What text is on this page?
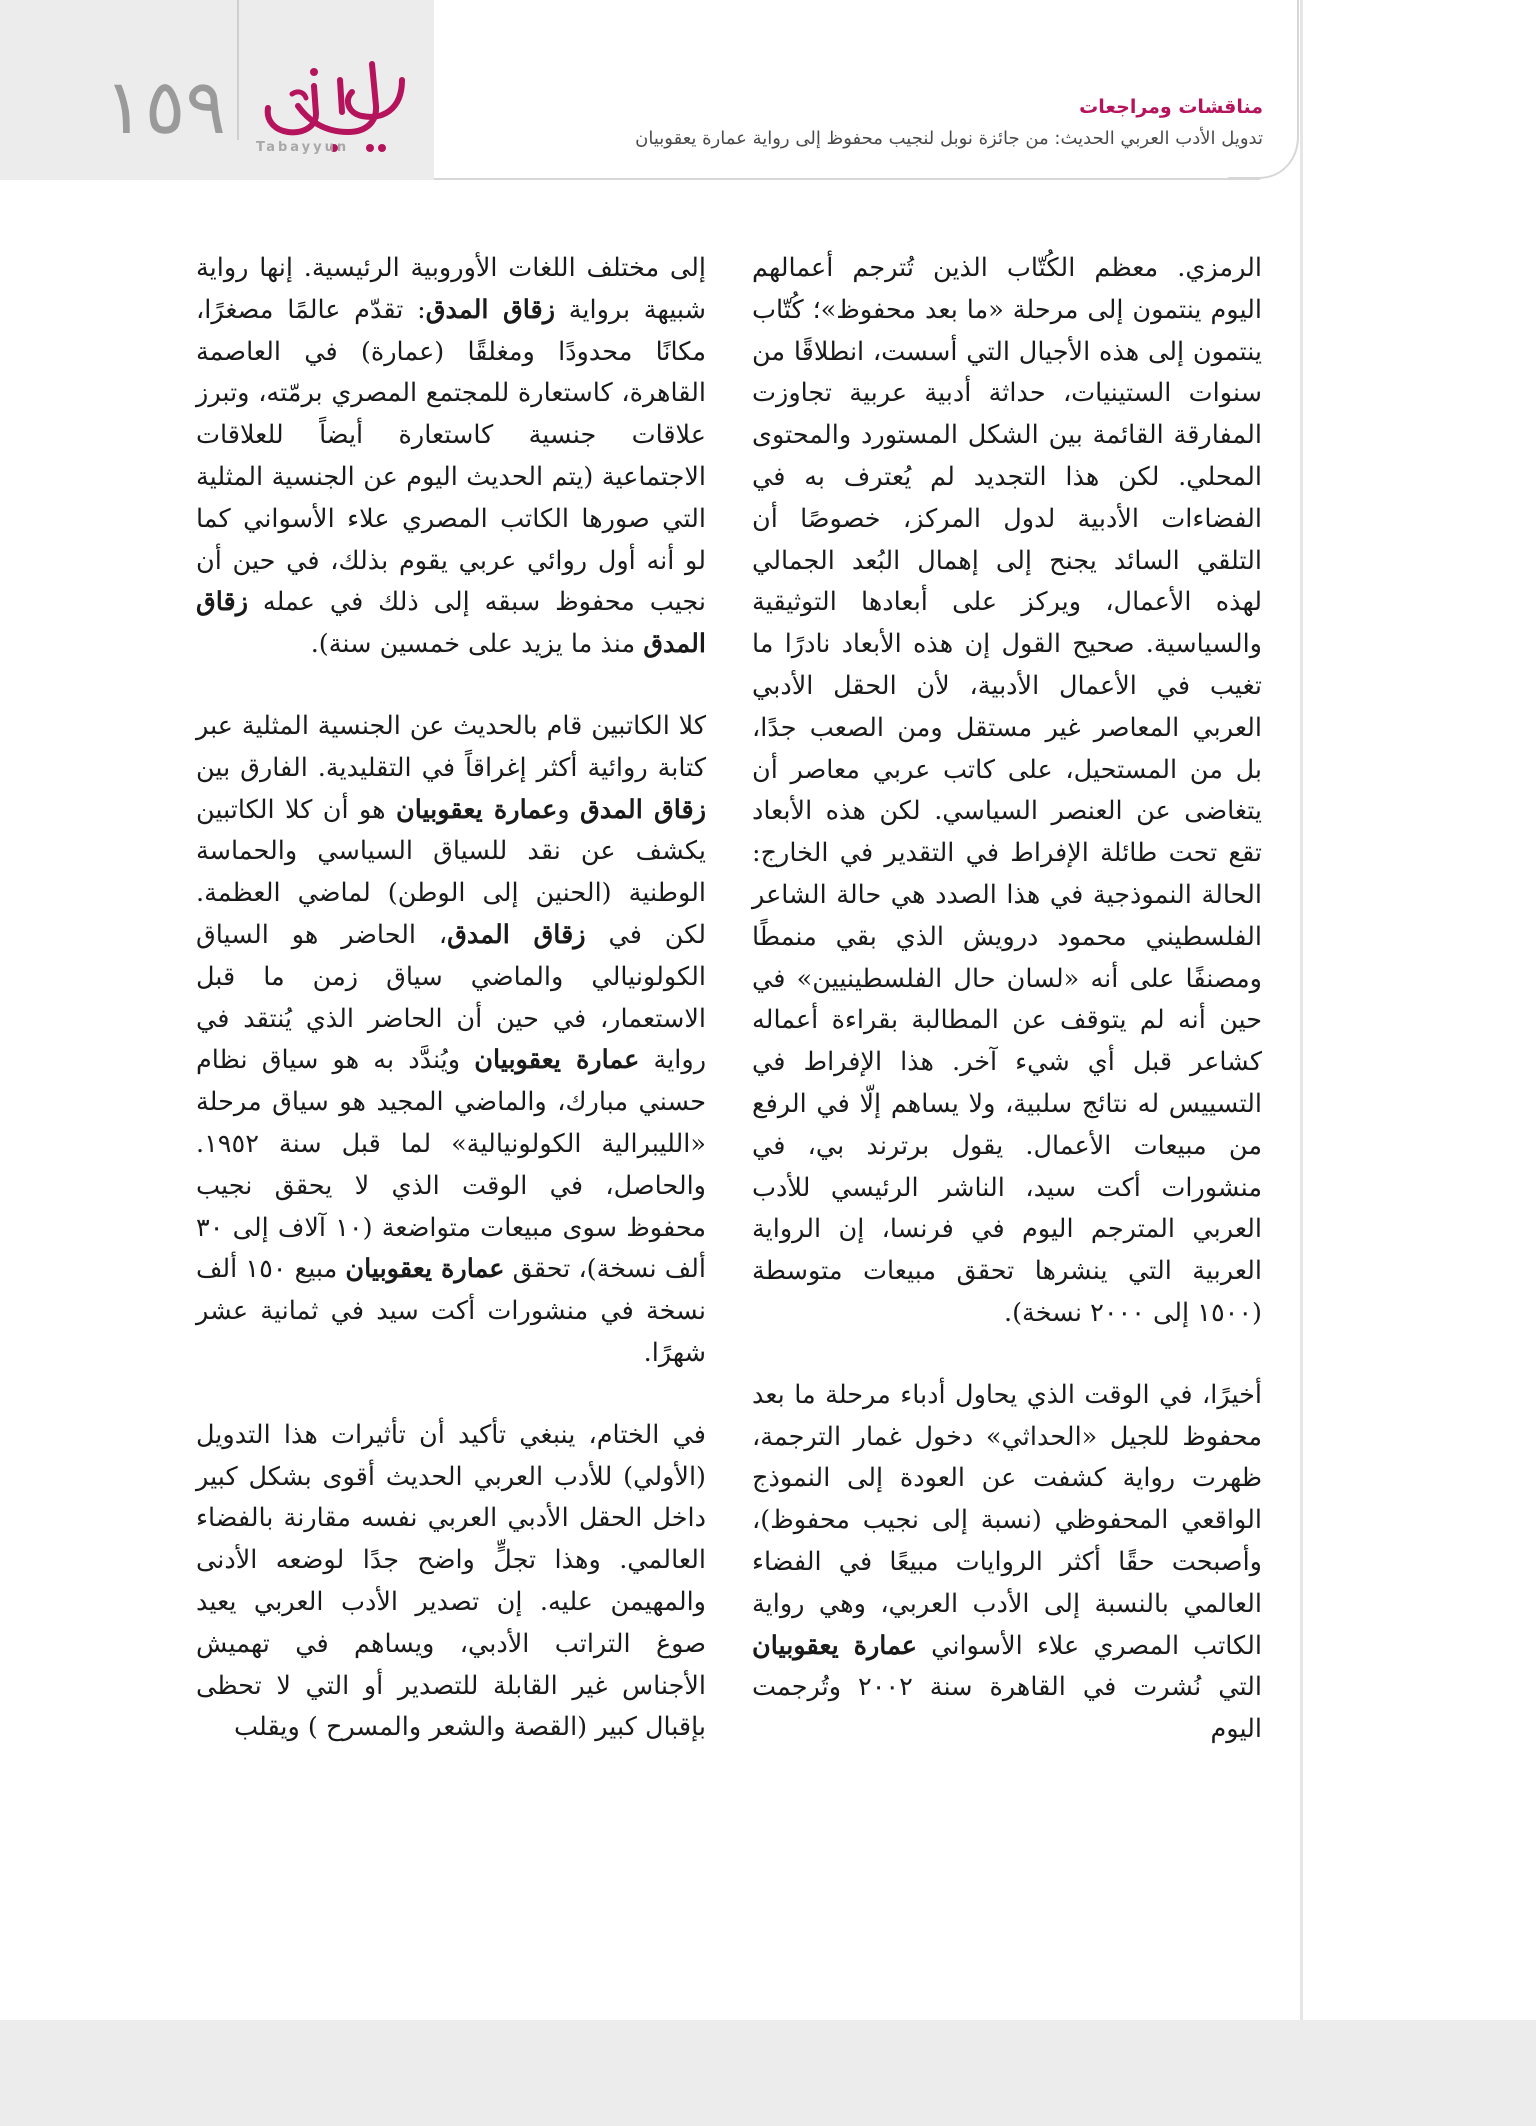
١٥٩ Tabayyun
مناقشات ومراجعات
تدويل الأدب العربي الحديث: من جائزة نوبل لنجيب محفوظ إلى رواية عمارة يعقوبيان

الرمزي. معظم الكُتّاب الذين تُترجم أعمالهم اليوم ينتمون إلى مرحلة «ما بعد محفوظ»؛ كُتّاب ينتمون إلى هذه الأجيال التي أسست، انطلاقًا من سنوات الستينيات، حداثة أدبية عربية تجاوزت المفارقة القائمة بين الشكل المستورد والمحتوى المحلي. لكن هذا التجديد لم يُعترف به في الفضاءات الأدبية لدول المركز، خصوصًا أن التلقي السائد يجنح إلى إهمال البُعد الجمالي لهذه الأعمال، ويركز على أبعادها التوثيقية والسياسية. صحيح القول إن هذه الأبعاد نادرًا ما تغيب في الأعمال الأدبية، لأن الحقل الأدبي العربي المعاصر غير مستقل ومن الصعب جدًا، بل من المستحيل، على كاتب عربي معاصر أن يتغاضى عن العنصر السياسي. لكن هذه الأبعاد تقع تحت طائلة الإفراط في التقدير في الخارج: الحالة النموذجية في هذا الصدد هي حالة الشاعر الفلسطيني محمود درويش الذي بقي منمطًا ومصنفًا على أنه «لسان حال الفلسطينيين» في حين أنه لم يتوقف عن المطالبة بقراءة أعماله كشاعر قبل أي شيء آخر. هذا الإفراط في التسييس له نتائج سلبية، ولا يساهم إلّا في الرفع من مبيعات الأعمال. يقول برترند بي، في منشورات أكت سيد، الناشر الرئيسي للأدب العربي المترجم اليوم في فرنسا، إن الرواية العربية التي ينشرها تحقق مبيعات متوسطة (١٥٠٠ إلى ٢٠٠٠ نسخة).

أخيرًا، في الوقت الذي يحاول أدباء مرحلة ما بعد محفوظ للجيل «الحداثي» دخول غمار الترجمة، ظهرت رواية كشفت عن العودة إلى النموذج الواقعي المحفوظي (نسبة إلى نجيب محفوظ)، وأصبحت حقًا أكثر الروايات مبيعًا في الفضاء العالمي بالنسبة إلى الأدب العربي، وهي رواية الكاتب المصري علاء الأسواني عمارة يعقوبيان التي نُشرت في القاهرة سنة ٢٠٠٢ وتُرجمت اليوم

إلى مختلف اللغات الأوروبية الرئيسية. إنها رواية شبيهة برواية زقاق المدق: تقدّم عالمًا مصغرًا، مكانًا محدودًا ومغلقًا (عمارة) في العاصمة القاهرة، كاستعارة للمجتمع المصري برمّته، وتبرز علاقات جنسية كاستعارة أيضاً للعلاقات الاجتماعية (يتم الحديث اليوم عن الجنسية المثلية التي صورها الكاتب المصري علاء الأسواني كما لو أنه أول روائي عربي يقوم بذلك، في حين أن نجيب محفوظ سبقه إلى ذلك في عمله زقاق المدق منذ ما يزيد على خمسين سنة).

كلا الكاتبين قام بالحديث عن الجنسية المثلية عبر كتابة روائية أكثر إغراقاً في التقليدية. الفارق بين زقاق المدق وعمارة يعقوبيان هو أن كلا الكاتبين يكشف عن نقد للسياق السياسي والحماسة الوطنية (الحنين إلى الوطن) لماضي العظمة. لكن في زقاق المدق، الحاضر هو السياق الكولونيالي والماضي سياق زمن ما قبل الاستعمار، في حين أن الحاضر الذي يُنتقد في رواية عمارة يعقوبيان ويُندَّد به هو سياق نظام حسني مبارك، والماضي المجيد هو سياق مرحلة «الليبرالية الكولونيالية» لما قبل سنة ١٩٥٢. والحاصل، في الوقت الذي لا يحقق نجيب محفوظ سوى مبيعات متواضعة (١٠ آلاف إلى ٣٠ ألف نسخة)، تحقق عمارة يعقوبيان مبيع ١٥٠ ألف نسخة في منشورات أكت سيد في ثمانية عشر شهرًا.

في الختام، ينبغي تأكيد أن تأثيرات هذا التدويل (الأولي) للأدب العربي الحديث أقوى بشكل كبير داخل الحقل الأدبي العربي نفسه مقارنة بالفضاء العالمي. وهذا تجلٍّ واضح جدًا لوضعه الأدنى والمهيمن عليه. إن تصدير الأدب العربي يعيد صوغ التراتب الأدبي، ويساهم في تهميش الأجناس غير القابلة للتصدير أو التي لا تحظى بإقبال كبير (القصة والشعر والمسرح ) ويقلب
